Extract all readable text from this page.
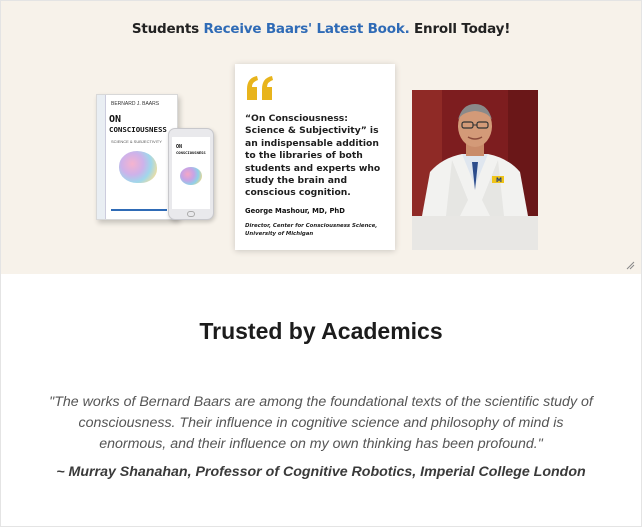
Students Receive Baars' Latest Book. Enroll Today!
BERNARD J. BAARS
ON
CONSCIOUSNESS
SCIENCE & SUBJECTIVITY
ON
CONSCIOUSNESS

“On Consciousness: Science & Subjectivity” is an indispensable addition to the libraries of both students and experts who study the brain and conscious cognition.

George Mashour, MD, PhD
Director, Center for Consciousness Science, University of Michigan
M
Trusted by Academics

"The works of Bernard Baars are among the foundational texts of the scientific study of consciousness. Their influence in cognitive science and philosophy of mind is enormous, and their influence on my own thinking has been profound."

~ Murray Shanahan, Professor of Cognitive Robotics, Imperial College London
